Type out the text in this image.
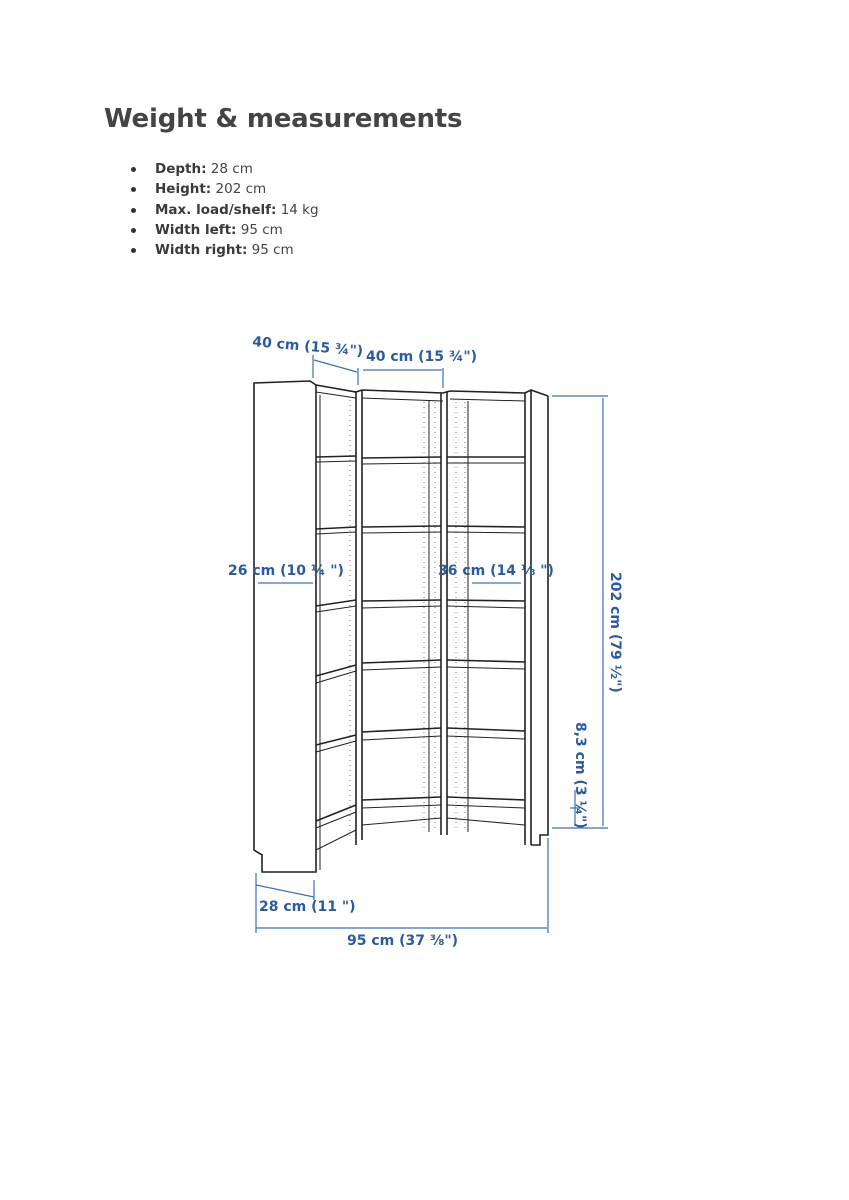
Weight & measurements
Depth: 28 cm
Height: 202 cm
Max. load/shelf: 14 kg
Width left: 95 cm
Width right: 95 cm
40 cm (15 ¾") 40 cm (15 ¾")
26 cm (10 ¼ ")	36 cm (14 ⅛ ")
202 cm (79 ½")
8,3 cm (3 ¼")
28 cm (11 ")
95 cm (37 ⅜")
